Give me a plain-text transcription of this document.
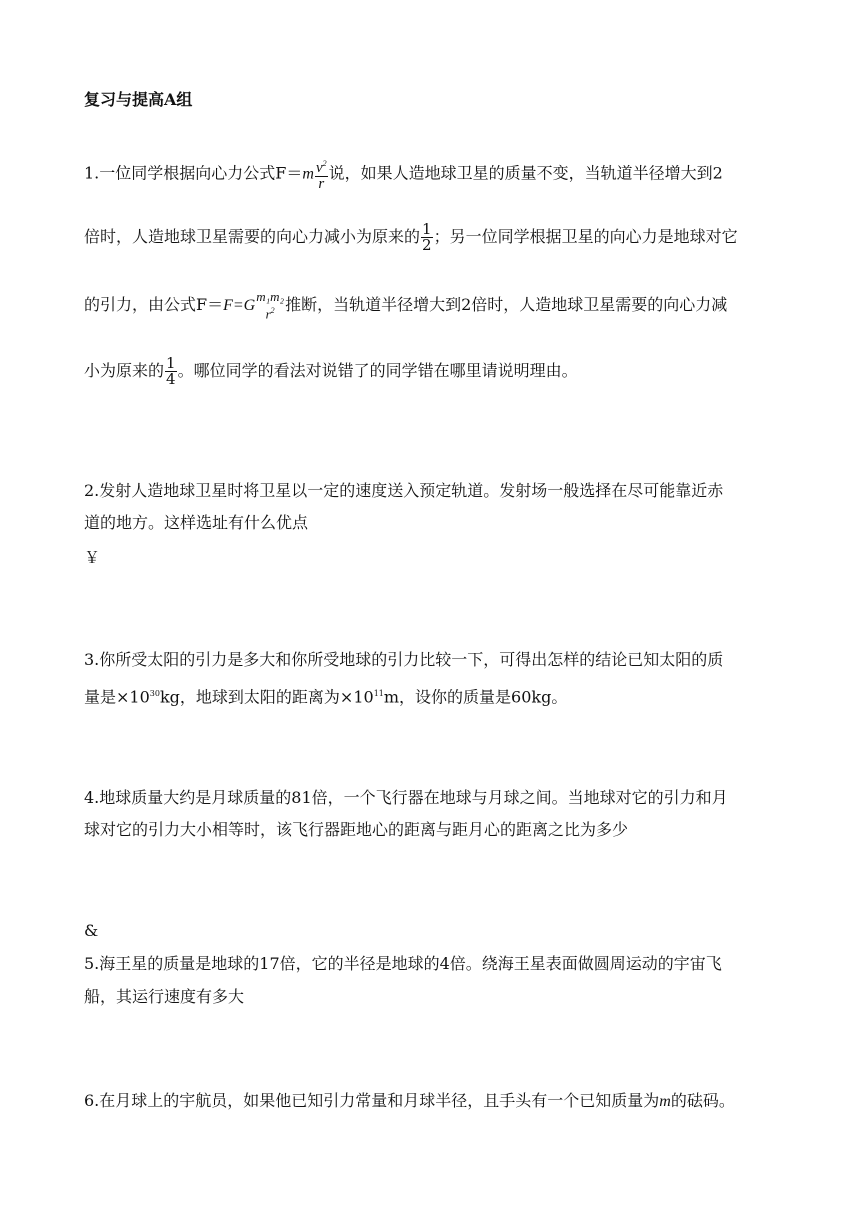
复习与提高A组
1.一位同学根据向心力公式$F=m \frac{v^2}{r}$ 说，如果人造地球卫星的质量不变，当轨道半径增大到2
倍时，人造地球卫星需要的向心力减小为原来的 $\frac{1}{2}$ ；另一位同学根据卫星的向心力是地球对它
的引力，由公式F＝F=G
m₁m₂
$r^2$ 推断，当轨道半径增大到2倍时，人造地球卫星需要的向心力减
小为原来的 $\frac{1}{4}$ 。哪位同学的看法对说错了的同学错在哪里请说明理由。
2.发射人造地球卫星时将卫星以一定的速度送入预定轨道。发射场一般选择在尽可能靠近赤
道的地方。这样选址有什么优点
￥
3.你所受太阳的引力是多大和你所受地球的引力比较一下，可得出怎样的结论已知太阳的质
量是$\times 10^{30}kg$，地球到太阳的距离为$\times 10^{11}m$，设你的质量是60kg。
4.地球质量大约是月球质量的81倍，一个飞行器在地球与月球之间。当地球对它的引力和月
球对它的引力大小相等时，该飞行器距地心的距离与距月心的距离之比为多少
&
5.海王星的质量是地球的17倍，它的半径是地球的4倍。绕海王星表面做圆周运动的宇宙飞
船，其运行速度有多大
6.在月球上的宇航员，如果他已知引力常量和月球半径，且手头有一个已知质量为m的砝码。
